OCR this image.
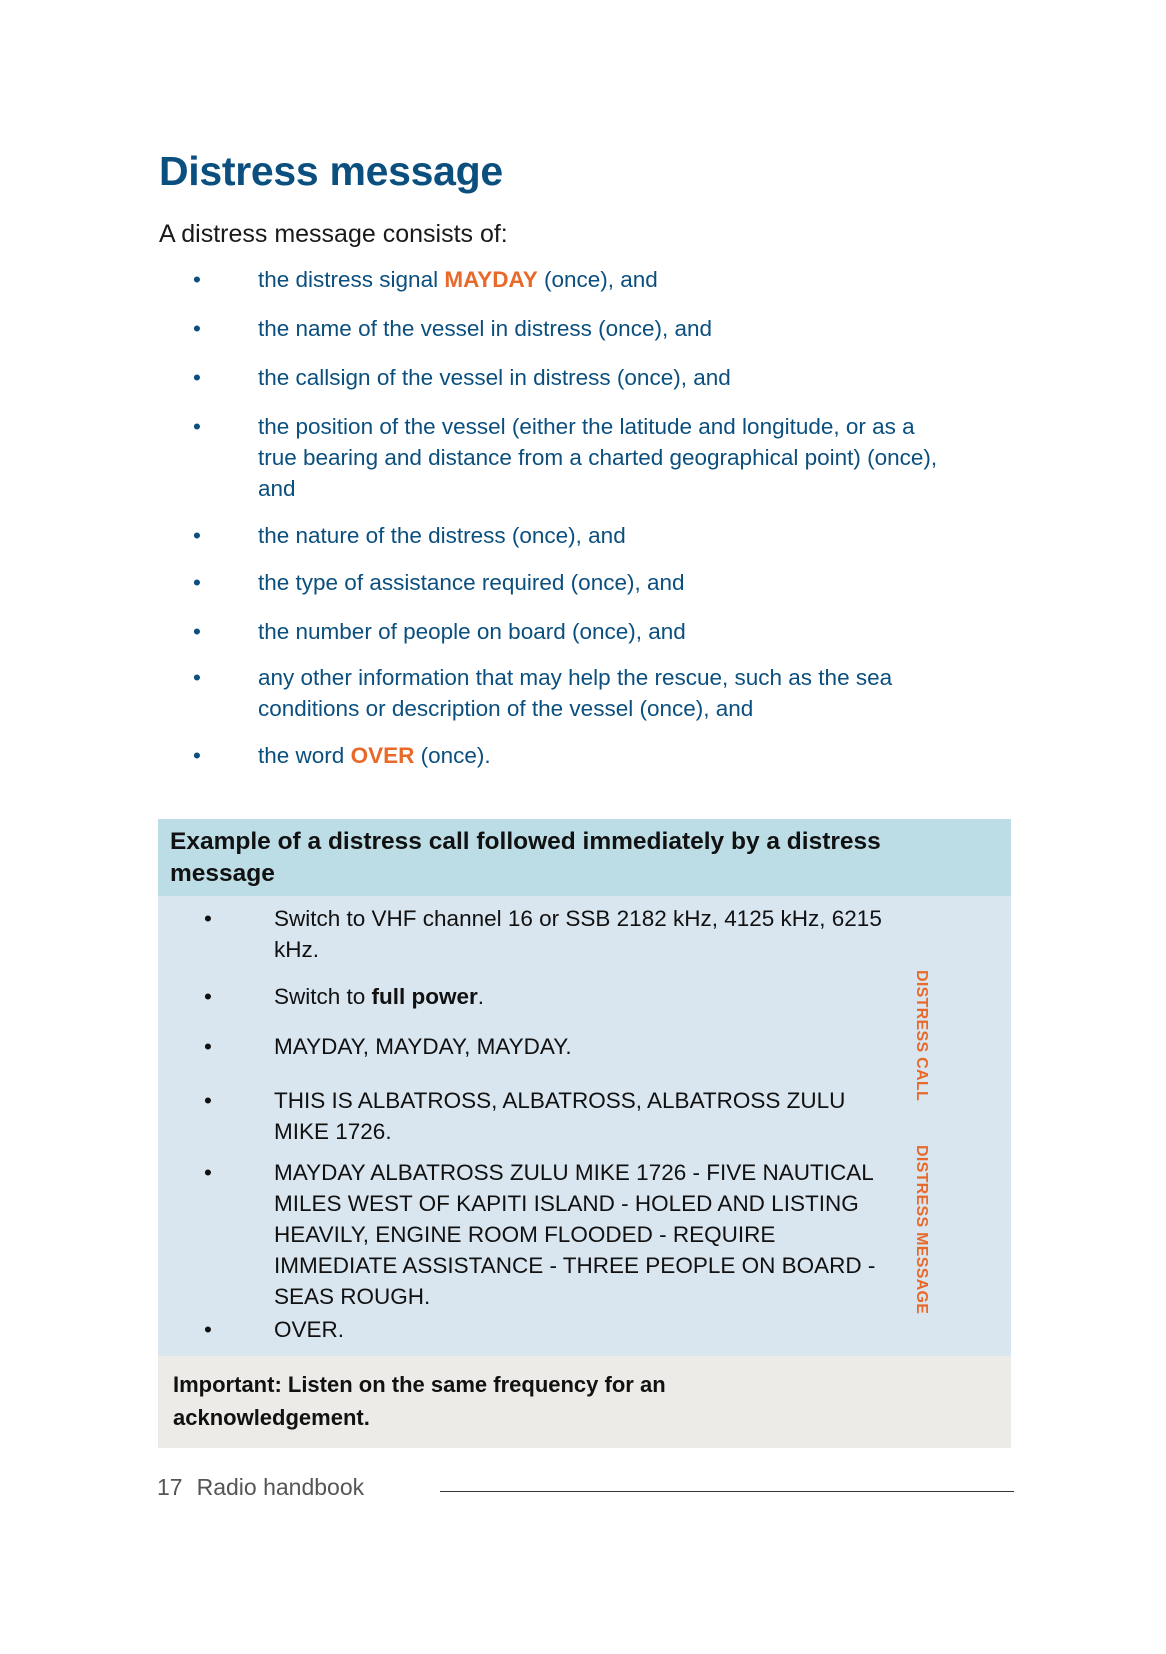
Distress message

A distress message consists of:

•	the distress signal MAYDAY (once), and
•	the name of the vessel in distress (once), and
•	the callsign of the vessel in distress (once), and
•	the position of the vessel (either the latitude and longitude, or as a true bearing and distance from a charted geographical point) (once), and
•	the nature of the distress (once), and
•	the type of assistance required (once), and
•	the number of people on board (once), and
•	any other information that may help the rescue, such as the sea conditions or description of the vessel (once), and
•	the word OVER (once).
Example of a distress call followed immediately by a distress message
•	Switch to VHF channel 16 or SSB 2182 kHz, 4125 kHz, 6215 kHz.
•	Switch to full power.
•	MAYDAY, MAYDAY, MAYDAY.
•	THIS IS ALBATROSS, ALBATROSS, ALBATROSS ZULU MIKE 1726.
•	MAYDAY ALBATROSS ZULU MIKE 1726 - FIVE NAUTICAL MILES WEST OF KAPITI ISLAND - HOLED AND LISTING HEAVILY, ENGINE ROOM FLOODED - REQUIRE IMMEDIATE ASSISTANCE - THREE PEOPLE ON BOARD - SEAS ROUGH.
•	OVER.
DISTRESS CALL
DISTRESS MESSAGE

Important: Listen on the same frequency for an acknowledgement.

17 Radio handbook
